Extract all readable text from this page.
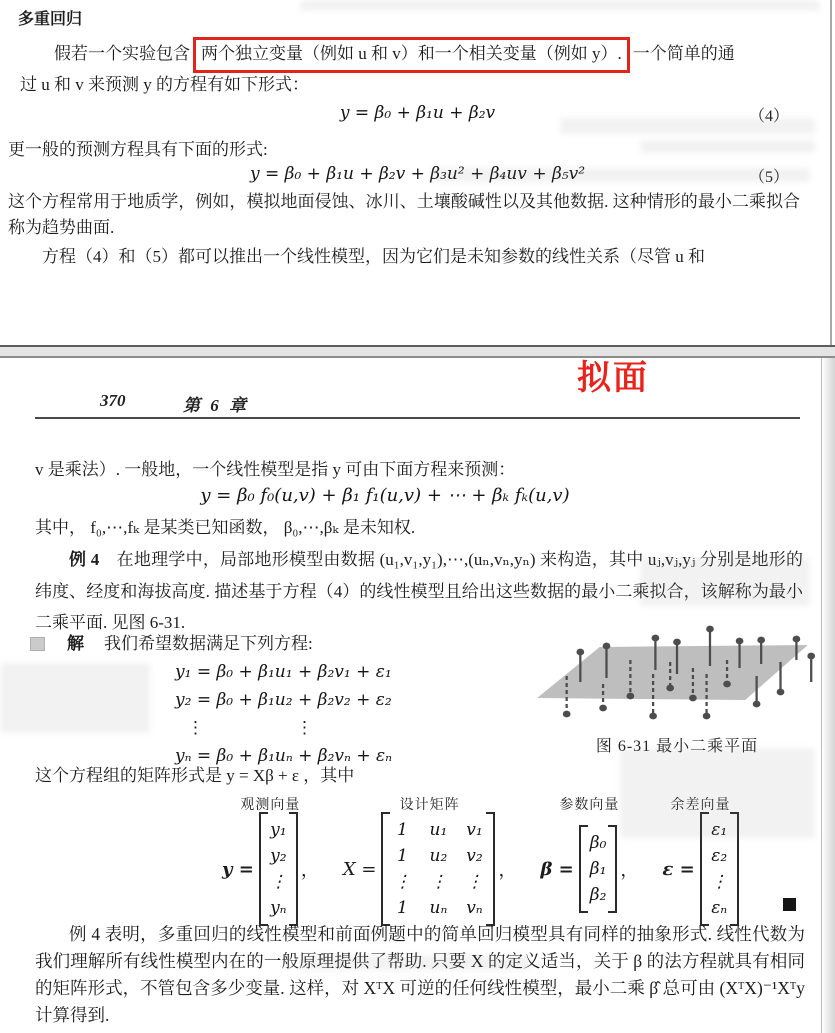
多重回归
假若一个实验包含 两个独立变量（例如 u 和 v）和一个相关变量（例如 y）. 一个简单的通
过 u 和 v 来预测 y 的方程有如下形式：
y = β₀ + β₁u + β₂v	（4）
更一般的预测方程具有下面的形式:
y = β₀ + β₁u + β₂v + β₃u² + β₄uv + β₅v²	（5）
这个方程常用于地质学，例如，模拟地面侵蚀、冰川、土壤酸碱性以及其他数据. 这种情形的最小二乘拟合称为趋势曲面.
方程（4）和（5）都可以推出一个线性模型，因为它们是未知参数的线性关系（尽管 u 和
拟面
370	第 6 章
v 是乘法）. 一般地，一个线性模型是指 y 可由下面方程来预测：
y = β₀ f₀(u,v) + β₁ f₁(u,v) + ⋯ + βₖ fₖ(u,v)
其中， f₀,⋯,fₖ 是某类已知函数， β₀,⋯,βₖ 是未知权.
例 4　在地理学中，局部地形模型由数据 (u₁,v₁,y₁),⋯,(uₙ,vₙ,yₙ) 来构造，其中 uⱼ,vⱼ,yⱼ 分别是地形的纬度、经度和海拔高度. 描述基于方程（4）的线性模型且给出这些数据的最小二乘拟合，该解称为最小二乘平面. 见图 6-31.
解 我们希望数据满足下列方程:
y₁ = β₀ + β₁u₁ + β₂v₁ + ε₁
y₂ = β₀ + β₁u₂ + β₂v₂ + ε₂
⋮	⋮
yₙ = β₀ + β₁uₙ + β₂vₙ + εₙ	图 6-31 最小二乘平面
这个方程组的矩阵形式是 y = Xβ + ε ，其中
观测向量
y =
y₁
y₂
⋮
yₙ
，
设计矩阵
X =
1 u₁ v₁
1 u₂ v₂
⋮ ⋮ ⋮
1 uₙ vₙ
，
参数向量
β =
β₀
β₁
β₂
，
余差向量
ε =
ε₁
ε₂
⋮
εₙ
例 4 表明，多重回归的线性模型和前面例题中的简单回归模型具有同样的抽象形式. 线性代数为我们理解所有线性模型内在的一般原理提供了帮助. 只要 X 的定义适当，关于 β 的法方程就具有相同的矩阵形式，不管包含多少变量. 这样，对 XᵀX 可逆的任何线性模型，最小二乘 β̂ 总可由 (XᵀX)⁻¹Xᵀy 计算得到.
